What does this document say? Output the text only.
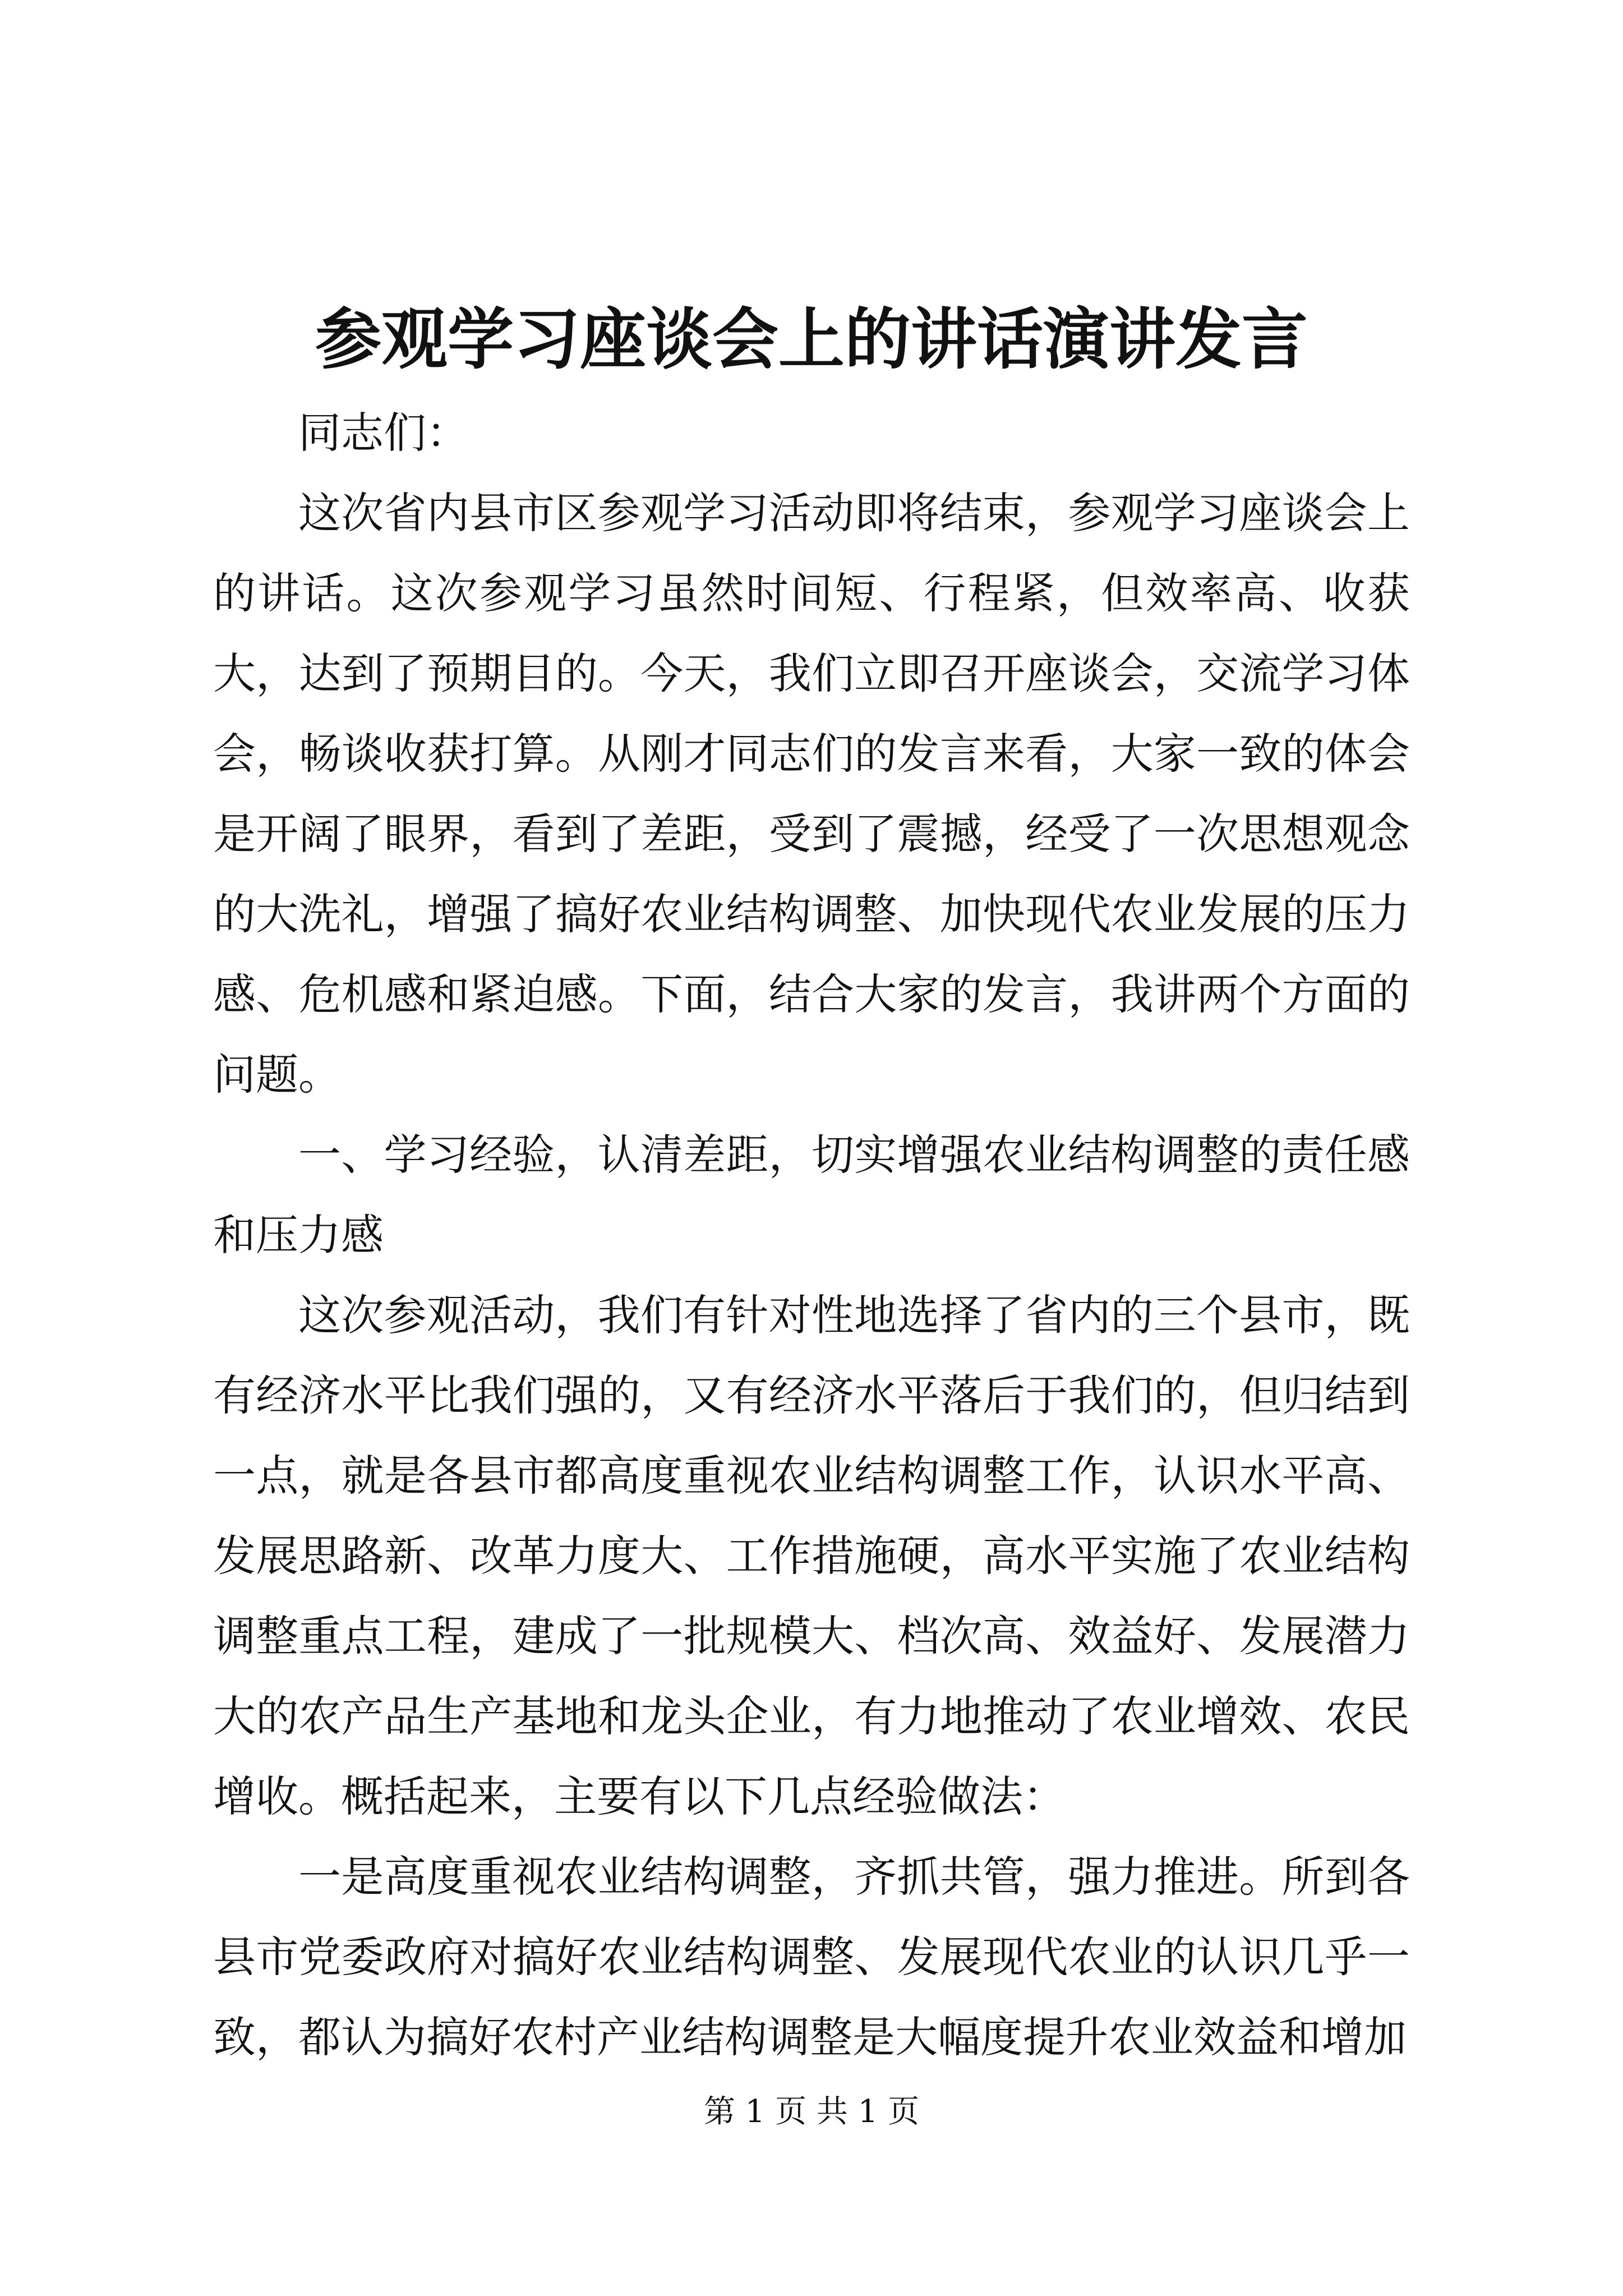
参观学习座谈会上的讲话演讲发言

同志们：

这次省内县市区参观学习活动即将结束，参观学习座谈会上的讲话。这次参观学习虽然时间短、行程紧，但效率高、收获大，达到了预期目的。今天，我们立即召开座谈会，交流学习体会，畅谈收获打算。从刚才同志们的发言来看，大家一致的体会是开阔了眼界，看到了差距，受到了震撼，经受了一次思想观念的大洗礼，增强了搞好农业结构调整、加快现代农业发展的压力感、危机感和紧迫感。下面，结合大家的发言，我讲两个方面的问题。

一、学习经验，认清差距，切实增强农业结构调整的责任感和压力感

这次参观活动，我们有针对性地选择了省内的三个县市，既有经济水平比我们强的，又有经济水平落后于我们的，但归结到一点，就是各县市都高度重视农业结构调整工作，认识水平高、发展思路新、改革力度大、工作措施硬，高水平实施了农业结构调整重点工程，建成了一批规模大、档次高、效益好、发展潜力大的农产品生产基地和龙头企业，有力地推动了农业增效、农民增收。概括起来，主要有以下几点经验做法：

一是高度重视农业结构调整，齐抓共管，强力推进。所到各县市党委政府对搞好农业结构调整、发展现代农业的认识几乎一致，都认为搞好农村产业结构调整是大幅度提升农业效益和增加

第 1 页 共 1 页
